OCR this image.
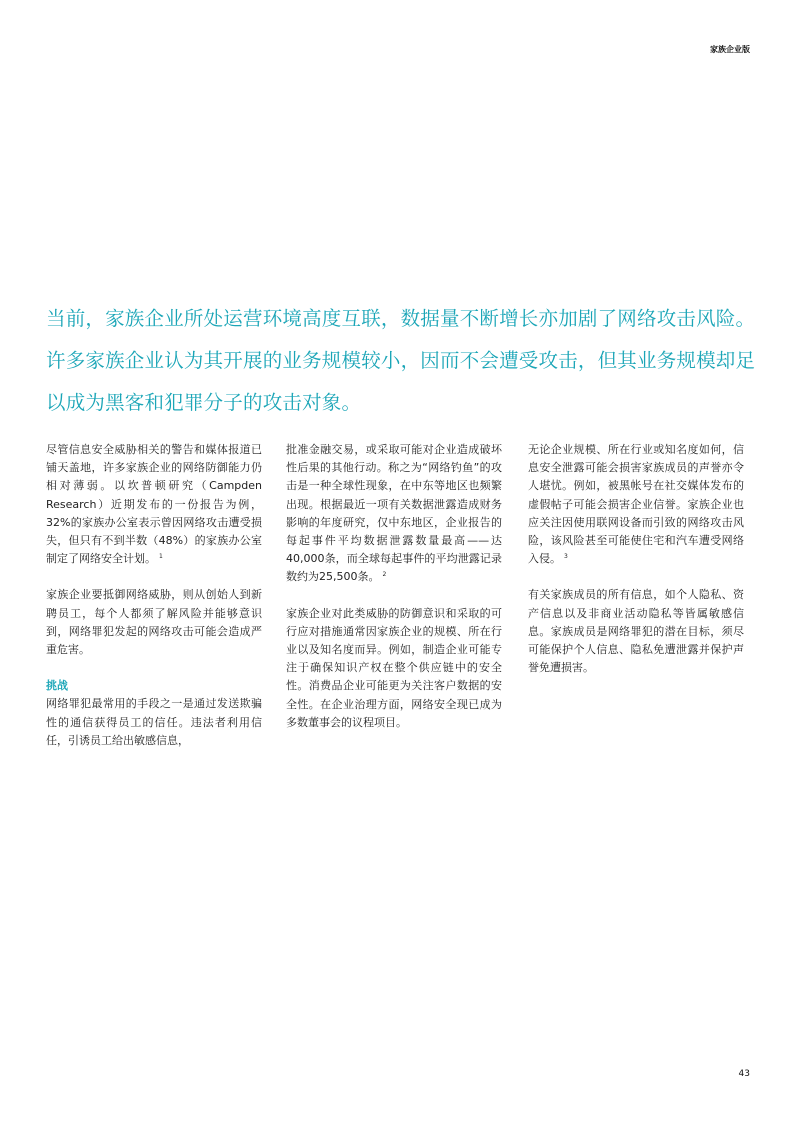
家族企业版
当前，家族企业所处运营环境高度互联，数据量不断增长亦加剧了网络攻击风险。许多家族企业认为其开展的业务规模较小，因而不会遭受攻击，但其业务规模却足以成为黑客和犯罪分子的攻击对象。

尽管信息安全威胁相关的警告和媒体报道已铺天盖地，许多家族企业的网络防御能力仍相对薄弱。以坎普顿研究（Campden Research）近期发布的一份报告为例，32%的家族办公室表示曾因网络攻击遭受损失，但只有不到半数（48%）的家族办公室制定了网络安全计划。 $^1$

家族企业要抵御网络威胁，则从创始人到新聘员工，每个人都须了解风险并能够意识到，网络罪犯发起的网络攻击可能会造成严重危害。

挑战

网络罪犯最常用的手段之一是通过发送欺骗性的通信获得员工的信任。违法者利用信任，引诱员工给出敏感信息，

批准金融交易，或采取可能对企业造成破坏性后果的其他行动。称之为“网络钓鱼”的攻击是一种全球性现象，在中东等地区也频繁出现。根据最近一项有关数据泄露造成财务影响的年度研究，仅中东地区，企业报告的每起事件平均数据泄露数量最高——达40,000条，而全球每起事件的平均泄露记录数约为25,500条。 $^2$

家族企业对此类威胁的防御意识和采取的可行应对措施通常因家族企业的规模、所在行业以及知名度而异。例如，制造企业可能专注于确保知识产权在整个供应链中的安全性。消费品企业可能更为关注客户数据的安全性。在企业治理方面，网络安全现已成为多数董事会的议程项目。

无论企业规模、所在行业或知名度如何，信息安全泄露可能会损害家族成员的声誉亦令人堪忧。例如，被黑帐号在社交媒体发布的虚假帖子可能会损害企业信誉。家族企业也应关注因使用联网设备而引致的网络攻击风险，该风险甚至可能使住宅和汽车遭受网络入侵。 $^3$

有关家族成员的所有信息，如个人隐私、资产信息以及非商业活动隐私等皆属敏感信息。家族成员是网络罪犯的潜在目标，须尽可能保护个人信息、隐私免遭泄露并保护声誉免遭损害。

43
